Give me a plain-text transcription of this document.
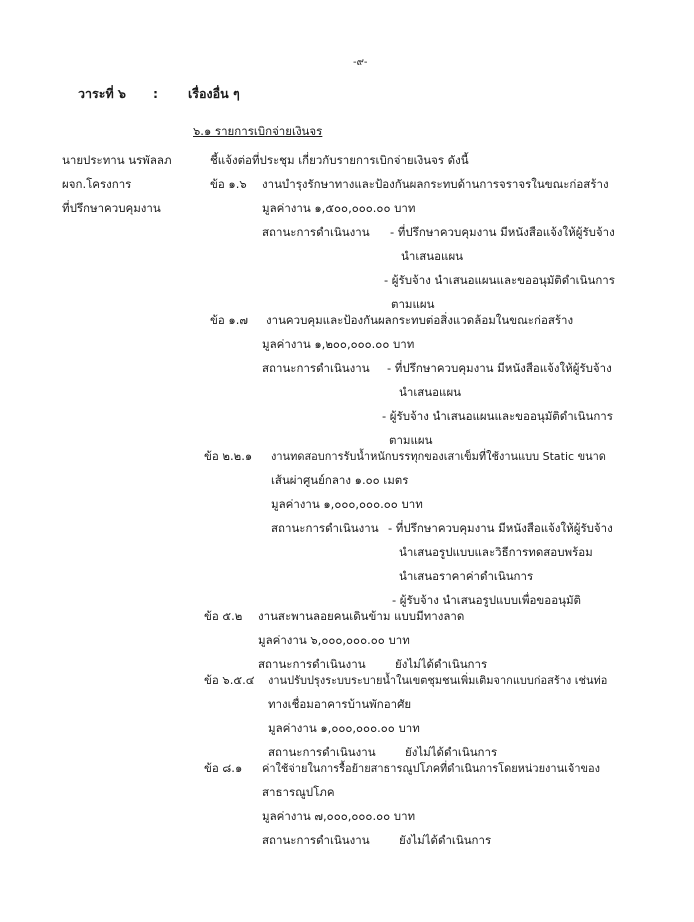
-๙-
วาระที่ ๖ : เรื่องอื่น ๆ
๖.๑ รายการเบิกจ่ายเงินจร
นายประทาน นรพัลลภ
ผจก.โครงการ
ที่ปรึกษาควบคุมงาน
ชี้แจ้งต่อที่ประชุม เกี่ยวกับรายการเบิกจ่ายเงินจร ดังนี้
ข้อ ๑.๖ งานบำรุงรักษาทางและป้องกันผลกระทบด้านการจราจรในขณะก่อสร้าง
มูลค่างาน ๑,๕๐๐,๐๐๐.๐๐ บาท
สถานะการดำเนินงาน - ที่ปรึกษาควบคุมงาน มีหนังสือแจ้งให้ผู้รับจ้าง
นำเสนอแผน
- ผู้รับจ้าง นำเสนอแผนและขออนุมัติดำเนินการ
ตามแผน
ข้อ ๑.๗ งานควบคุมและป้องกันผลกระทบต่อสิ่งแวดล้อมในขณะก่อสร้าง
มูลค่างาน ๑,๒๐๐,๐๐๐.๐๐ บาท
สถานะการดำเนินงาน - ที่ปรึกษาควบคุมงาน มีหนังสือแจ้งให้ผู้รับจ้าง
นำเสนอแผน
- ผู้รับจ้าง นำเสนอแผนและขออนุมัติดำเนินการ
ตามแผน
ข้อ ๒.๒.๑ งานทดสอบการรับน้ำหนักบรรทุกของเสาเข็มที่ใช้งานแบบ Static ขนาด
เส้นผ่าศูนย์กลาง ๑.๐๐ เมตร
มูลค่างาน ๑,๐๐๐,๐๐๐.๐๐ บาท
สถานะการดำเนินงาน - ที่ปรึกษาควบคุมงาน มีหนังสือแจ้งให้ผู้รับจ้าง
นำเสนอรูปแบบและวิธีการทดสอบพร้อม
นำเสนอราคาค่าดำเนินการ
- ผู้รับจ้าง นำเสนอรูปแบบเพื่อขออนุมัติ
ข้อ ๕.๒ งานสะพานลอยคนเดินข้าม แบบมีทางลาด
มูลค่างาน ๖,๐๐๐,๐๐๐.๐๐ บาท
สถานะการดำเนินงาน	ยังไม่ได้ดำเนินการ
ข้อ ๖.๕.๔ งานปรับปรุงระบบระบายน้ำในเขตชุมชนเพิ่มเติมจากแบบก่อสร้าง เช่นท่อ
ทางเชื่อมอาคารบ้านพักอาศัย
มูลค่างาน ๑,๐๐๐,๐๐๐.๐๐ บาท
สถานะการดำเนินงาน	ยังไม่ได้ดำเนินการ
ข้อ ๘.๑ ค่าใช้จ่ายในการรื้อย้ายสาธารณูปโภคที่ดำเนินการโดยหน่วยงานเจ้าของ
สาธารณูปโภค
มูลค่างาน ๗,๐๐๐,๐๐๐.๐๐ บาท
สถานะการดำเนินงาน	ยังไม่ได้ดำเนินการ
